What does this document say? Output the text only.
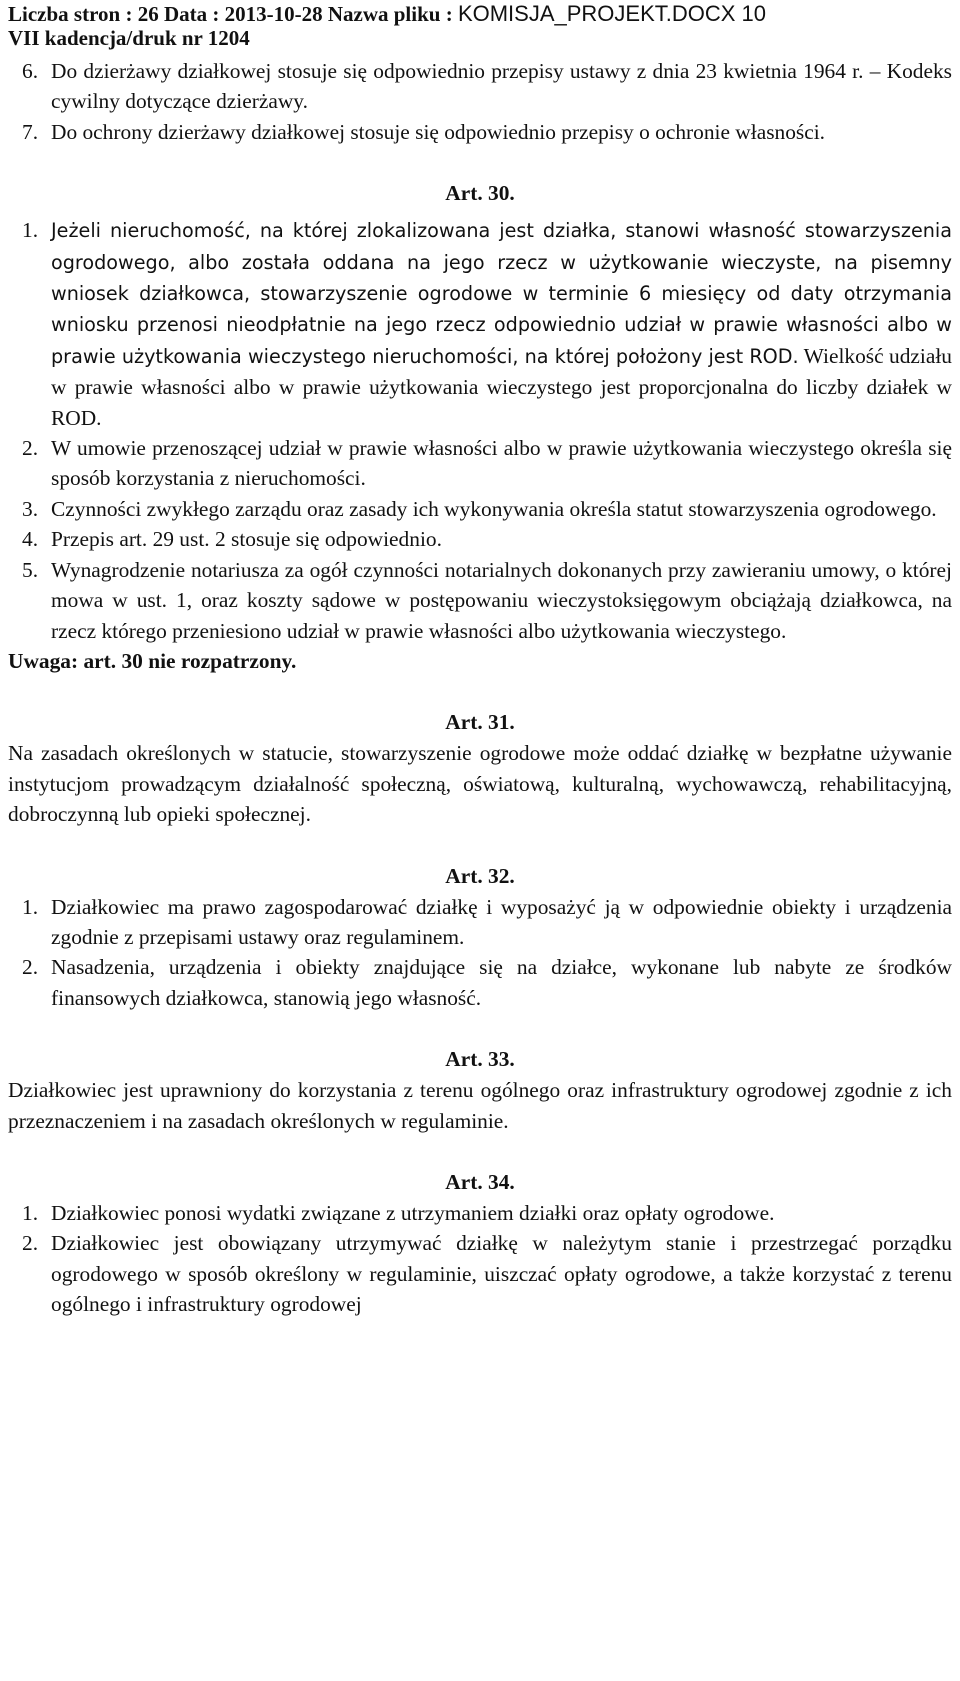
Liczba stron : 26 Data : 2013-10-28 Nazwa pliku : KOMISJA_PROJEKT.DOCX 10
VII kadencja/druk nr 1204
6. Do dzierżawy działkowej stosuje się odpowiednio przepisy ustawy z dnia 23 kwietnia 1964 r. – Kodeks cywilny dotyczące dzierżawy.
7. Do ochrony dzierżawy działkowej stosuje się odpowiednio przepisy o ochronie własności.
Art. 30.
1. Jeżeli nieruchomość, na której zlokalizowana jest działka, stanowi własność stowarzyszenia ogrodowego, albo została oddana na jego rzecz w użytkowanie wieczyste, na pisemny wniosek działkowca, stowarzyszenie ogrodowe w terminie 6 miesięcy od daty otrzymania wniosku przenosi nieodpłatnie na jego rzecz odpowiednio udział w prawie własności albo w prawie użytkowania wieczystego nieruchomości, na której położony jest ROD. Wielkość udziału w prawie własności albo w prawie użytkowania wieczystego jest proporcjonalna do liczby działek w ROD.
2. W umowie przenoszącej udział w prawie własności albo w prawie użytkowania wieczystego określa się sposób korzystania z nieruchomości.
3. Czynności zwykłego zarządu oraz zasady ich wykonywania określa statut stowarzyszenia ogrodowego.
4. Przepis art. 29 ust. 2 stosuje się odpowiednio.
5. Wynagrodzenie notariusza za ogół czynności notarialnych dokonanych przy zawieraniu umowy, o której mowa w ust. 1, oraz koszty sądowe w postępowaniu wieczystoksięgowym obciążają działkowca, na rzecz którego przeniesiono udział w prawie własności albo użytkowania wieczystego.
Uwaga: art. 30 nie rozpatrzony.
Art. 31.
Na zasadach określonych w statucie, stowarzyszenie ogrodowe może oddać działkę w bezpłatne używanie instytucjom prowadzącym działalność społeczną, oświatową, kulturalną, wychowawczą, rehabilitacyjną, dobroczynną lub opieki społecznej.
Art. 32.
1. Działkowiec ma prawo zagospodarować działkę i wyposażyć ją w odpowiednie obiekty i urządzenia zgodnie z przepisami ustawy oraz regulaminem.
2. Nasadzenia, urządzenia i obiekty znajdujące się na działce, wykonane lub nabyte ze środków finansowych działkowca, stanowią jego własność.
Art. 33.
Działkowiec jest uprawniony do korzystania z terenu ogólnego oraz infrastruktury ogrodowej zgodnie z ich przeznaczeniem i na zasadach określonych w regulaminie.
Art. 34.
1. Działkowiec ponosi wydatki związane z utrzymaniem działki oraz opłaty ogrodowe.
2. Działkowiec jest obowiązany utrzymywać działkę w należytym stanie i przestrzegać porządku ogrodowego w sposób określony w regulaminie, uiszczać opłaty ogrodowe, a także korzystać z terenu ogólnego i infrastruktury ogrodowej
